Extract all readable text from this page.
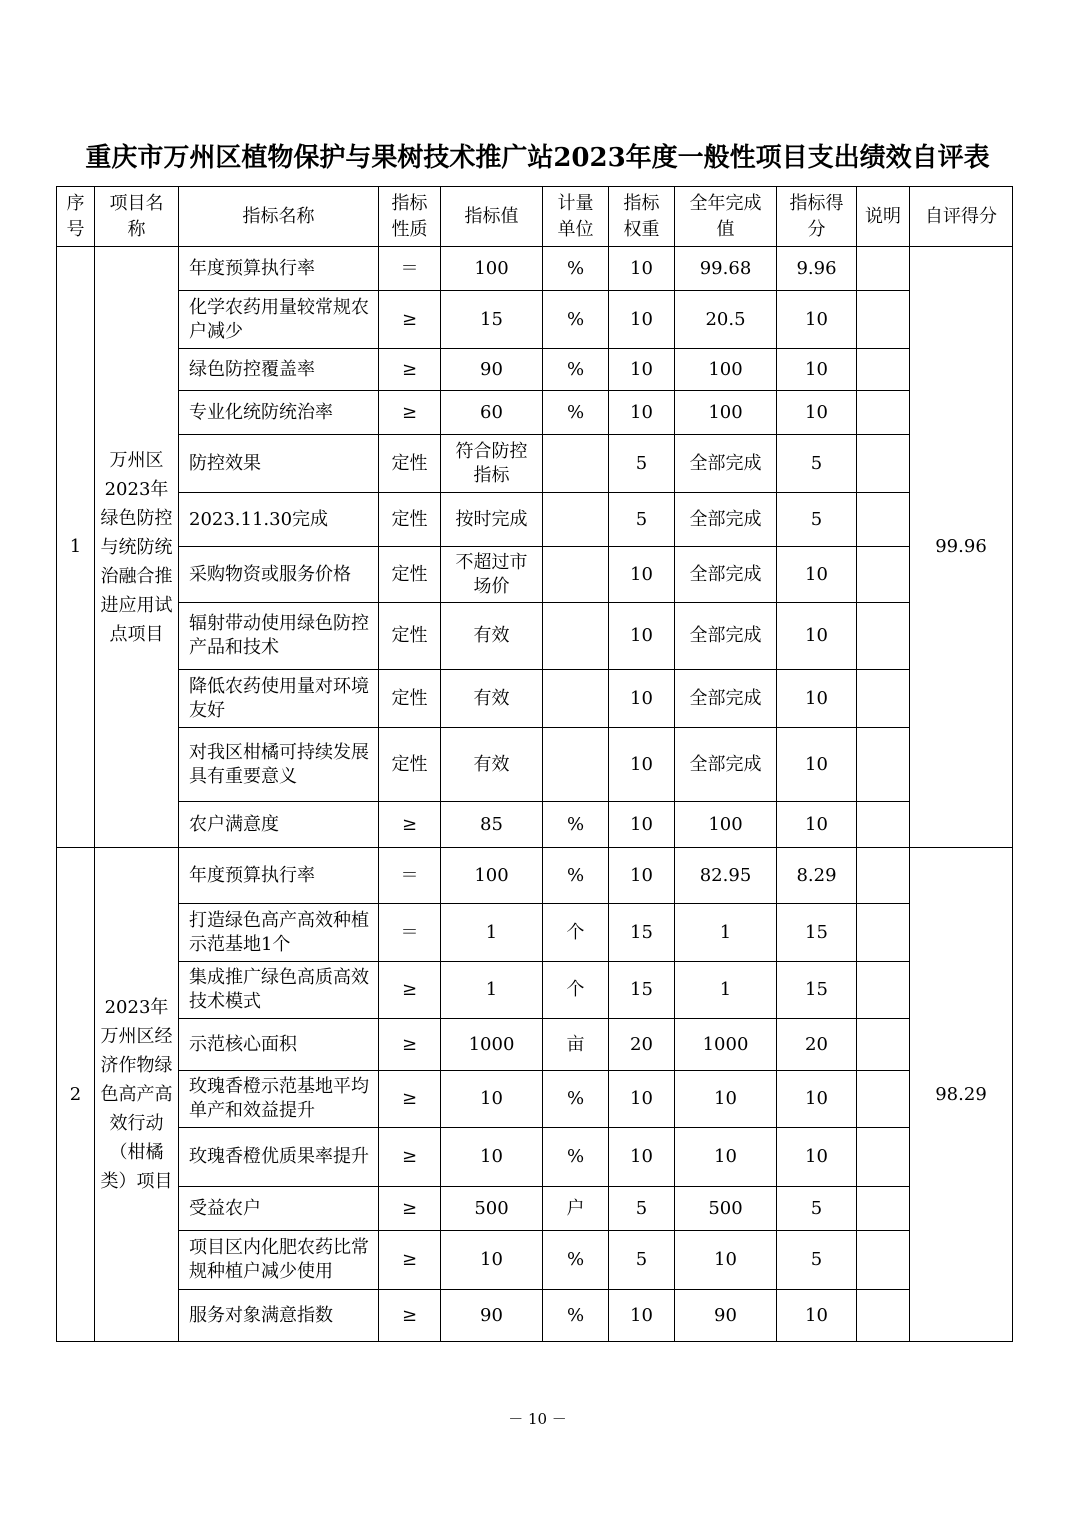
重庆市万州区植物保护与果树技术推广站2023年度一般性项目支出绩效自评表
序号	项目名称	指标名称	指标性质	指标值	计量单位	指标权重	全年完成值	指标得分	说明	自评得分
1	万州区2023年绿色防控与统防统治融合推进应用试点项目	年度预算执行率	＝	100	%	10	99.68	9.96		99.96
		化学农药用量较常规农户减少	≥	15	%	10	20.5	10		
		绿色防控覆盖率	≥	90	%	10	100	10		
		专业化统防统治率	≥	60	%	10	100	10		
		防控效果	定性	符合防控指标		5	全部完成	5		
		2023.11.30完成	定性	按时完成		5	全部完成	5		
		采购物资或服务价格	定性	不超过市场价		10	全部完成	10		
		辐射带动使用绿色防控产品和技术	定性	有效		10	全部完成	10		
		降低农药使用量对环境友好	定性	有效		10	全部完成	10		
		对我区柑橘可持续发展具有重要意义	定性	有效		10	全部完成	10		
		农户满意度	≥	85	%	10	100	10		
2	2023年万州区经济作物绿色高产高效行动（柑橘类）项目	年度预算执行率	＝	100	%	10	82.95	8.29		98.29
		打造绿色高产高效种植示范基地1个	＝	1	个	15	1	15		
		集成推广绿色高质高效技术模式	≥	1	个	15	1	15		
		示范核心面积	≥	1000	亩	20	1000	20		
		玫瑰香橙示范基地平均单产和效益提升	≥	10	%	10	10	10		
		玫瑰香橙优质果率提升	≥	10	%	10	10	10		
		受益农户	≥	500	户	5	500	5		
		项目区内化肥农药比常规种植户减少使用	≥	10	%	5	10	5		
		服务对象满意指数	≥	90	%	10	90	10		
－ 10 －
